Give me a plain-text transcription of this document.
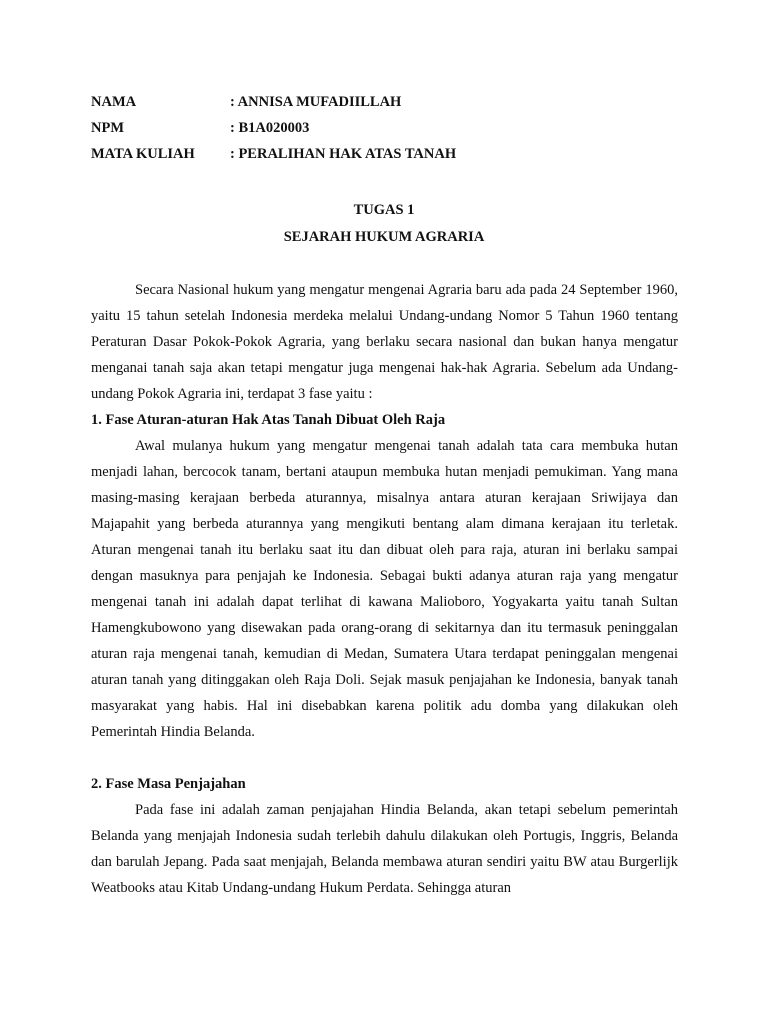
NAMA	: ANNISA MUFADIILLAH
NPM	: B1A020003
MATA KULIAH : PERALIHAN HAK ATAS TANAH
TUGAS 1
SEJARAH HUKUM AGRARIA

Secara Nasional hukum yang mengatur mengenai Agraria baru ada pada 24 September 1960, yaitu 15 tahun setelah Indonesia merdeka melalui Undang-undang Nomor 5 Tahun 1960 tentang Peraturan Dasar Pokok-Pokok Agraria, yang berlaku secara nasional dan bukan hanya mengatur menganai tanah saja akan tetapi mengatur juga mengenai hak-hak Agraria. Sebelum ada Undang-undang Pokok Agraria ini, terdapat 3 fase yaitu :

1. Fase Aturan-aturan Hak Atas Tanah Dibuat Oleh Raja

Awal mulanya hukum yang mengatur mengenai tanah adalah tata cara membuka hutan menjadi lahan, bercocok tanam, bertani ataupun membuka hutan menjadi pemukiman. Yang mana masing-masing kerajaan berbeda aturannya, misalnya antara aturan kerajaan Sriwijaya dan Majapahit yang berbeda aturannya yang mengikuti bentang alam dimana kerajaan itu terletak. Aturan mengenai tanah itu berlaku saat itu dan dibuat oleh para raja, aturan ini berlaku sampai dengan masuknya para penjajah ke Indonesia. Sebagai bukti adanya aturan raja yang mengatur mengenai tanah ini adalah dapat terlihat di kawana Malioboro, Yogyakarta yaitu tanah Sultan Hamengkubowono yang disewakan pada orang-orang di sekitarnya dan itu termasuk peninggalan aturan raja mengenai tanah, kemudian di Medan, Sumatera Utara terdapat peninggalan mengenai aturan tanah yang ditinggakan oleh Raja Doli. Sejak masuk penjajahan ke Indonesia, banyak tanah masyarakat yang habis. Hal ini disebabkan karena politik adu domba yang dilakukan oleh Pemerintah Hindia Belanda.

2. Fase Masa Penjajahan

Pada fase ini adalah zaman penjajahan Hindia Belanda, akan tetapi sebelum pemerintah Belanda yang menjajah Indonesia sudah terlebih dahulu dilakukan oleh Portugis, Inggris, Belanda dan barulah Jepang. Pada saat menjajah, Belanda membawa aturan sendiri yaitu BW atau Burgerlijk Weatbooks atau Kitab Undang-undang Hukum Perdata. Sehingga aturan
